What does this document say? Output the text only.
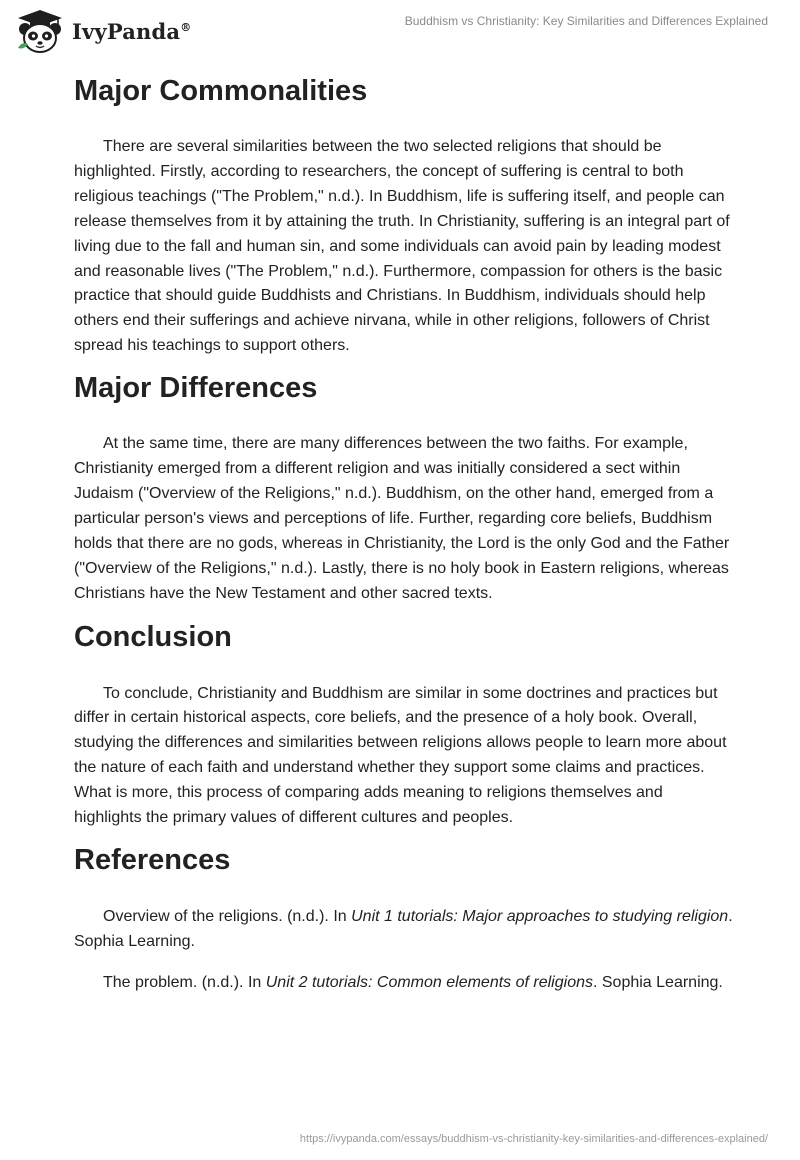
IvyPanda®	Buddhism vs Christianity: Key Similarities and Differences Explained
Major Commonalities

There are several similarities between the two selected religions that should be highlighted. Firstly, according to researchers, the concept of suffering is central to both religious teachings ("The Problem," n.d.). In Buddhism, life is suffering itself, and people can release themselves from it by attaining the truth. In Christianity, suffering is an integral part of living due to the fall and human sin, and some individuals can avoid pain by leading modest and reasonable lives ("The Problem," n.d.). Furthermore, compassion for others is the basic practice that should guide Buddhists and Christians. In Buddhism, individuals should help others end their sufferings and achieve nirvana, while in other religions, followers of Christ spread his teachings to support others.

Major Differences

At the same time, there are many differences between the two faiths. For example, Christianity emerged from a different religion and was initially considered a sect within Judaism ("Overview of the Religions," n.d.). Buddhism, on the other hand, emerged from a particular person's views and perceptions of life. Further, regarding core beliefs, Buddhism holds that there are no gods, whereas in Christianity, the Lord is the only God and the Father ("Overview of the Religions," n.d.). Lastly, there is no holy book in Eastern religions, whereas Christians have the New Testament and other sacred texts.

Conclusion

To conclude, Christianity and Buddhism are similar in some doctrines and practices but differ in certain historical aspects, core beliefs, and the presence of a holy book. Overall, studying the differences and similarities between religions allows people to learn more about the nature of each faith and understand whether they support some claims and practices. What is more, this process of comparing adds meaning to religions themselves and highlights the primary values of different cultures and peoples.

References

Overview of the religions. (n.d.). In Unit 1 tutorials: Major approaches to studying religion. Sophia Learning.

The problem. (n.d.). In Unit 2 tutorials: Common elements of religions. Sophia Learning.

https://ivypanda.com/essays/buddhism-vs-christianity-key-similarities-and-differences-explained/
